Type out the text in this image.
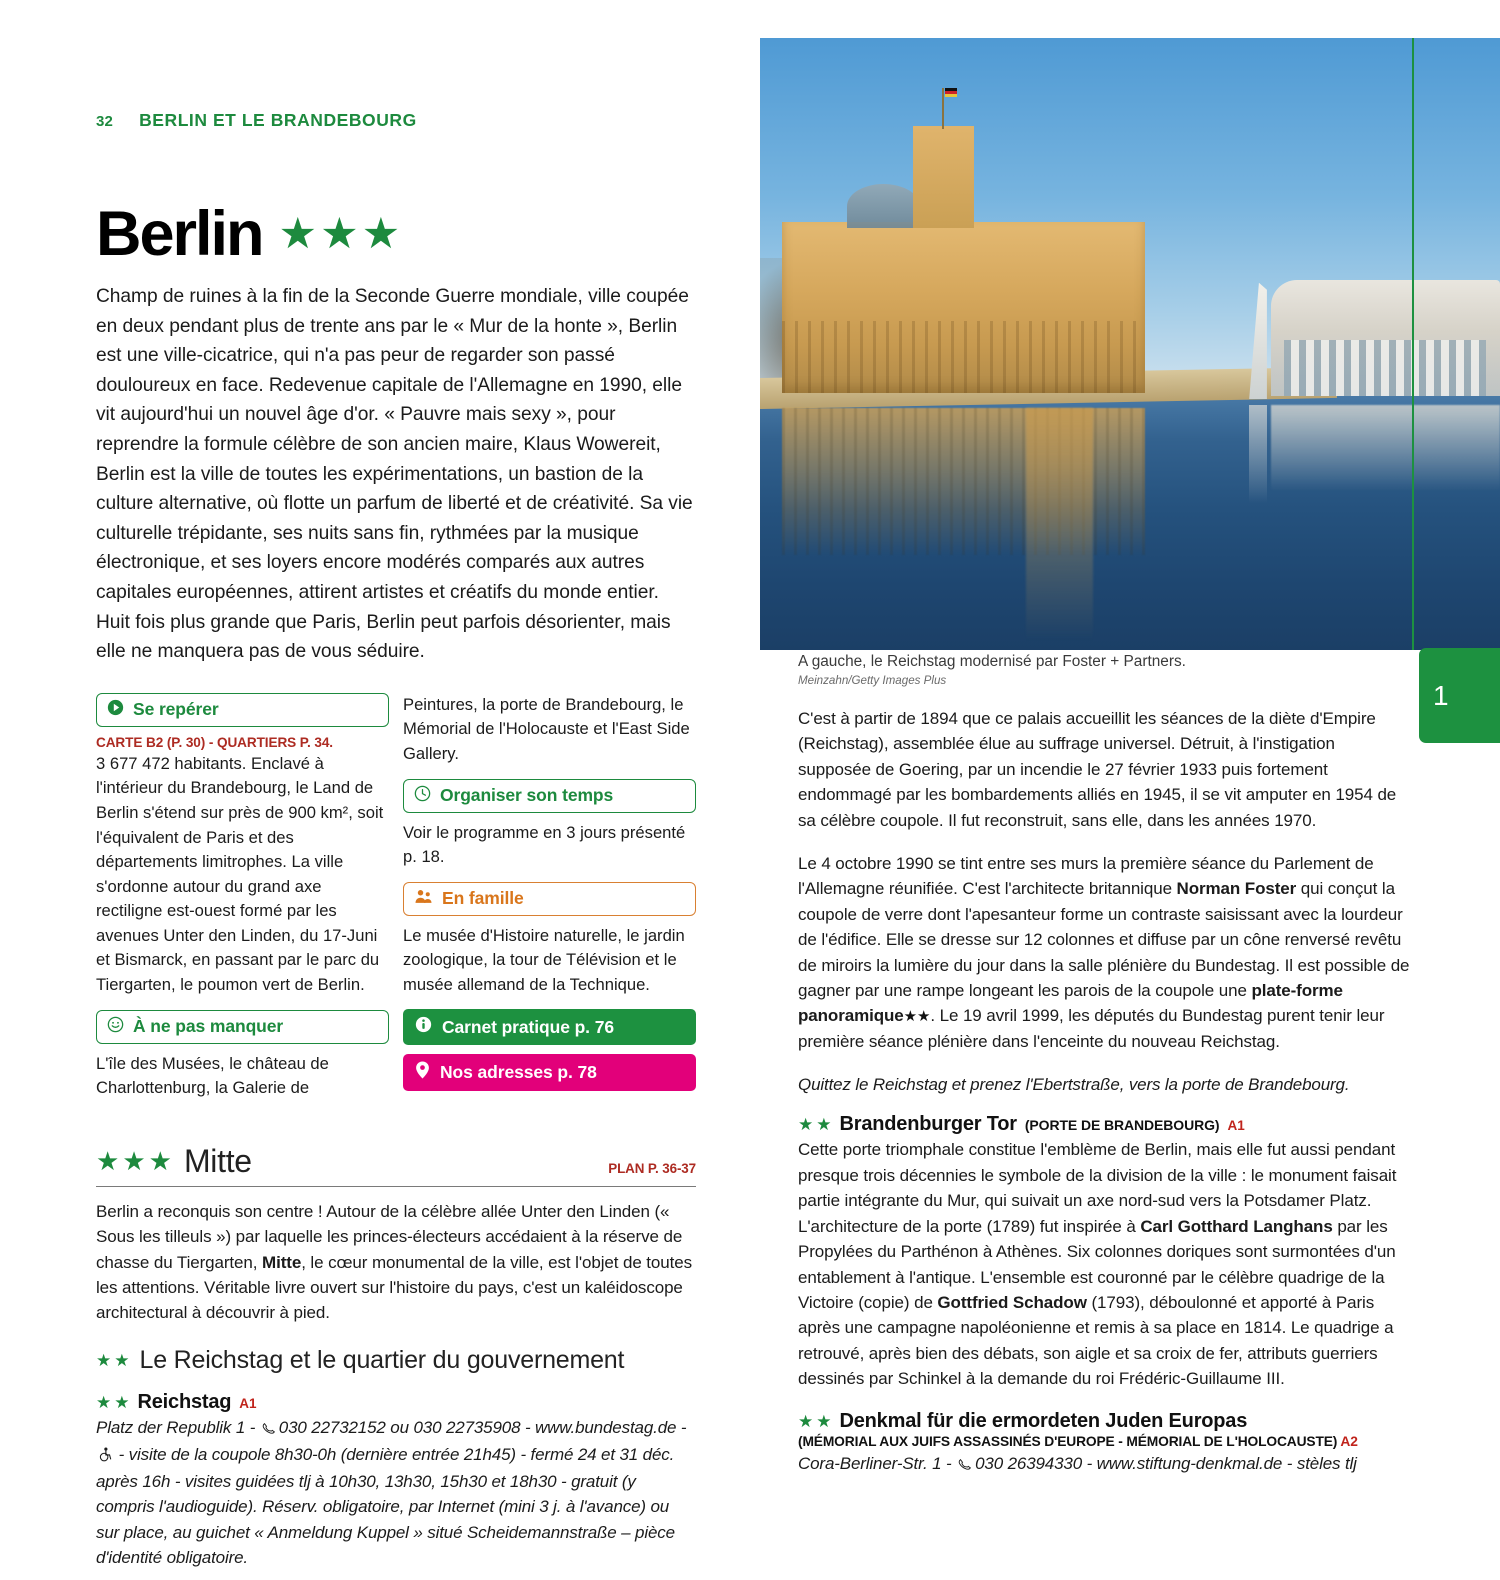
A gauche, le Reichstag modernisé par Foster + Partners.

Meinzahn/Getty Images Plus	1
32 BERLIN ET LE BRANDEBOURG
Berlin ★ ★ ★

Champ de ruines à la fin de la Seconde Guerre mondiale, ville coupée en deux pendant plus de trente ans par le « Mur de la honte », Berlin est une ville-cicatrice, qui n'a pas peur de regarder son passé douloureux en face. Redevenue capitale de l'Allemagne en 1990, elle vit aujourd'hui un nouvel âge d'or. « Pauvre mais sexy », pour reprendre la formule célèbre de son ancien maire, Klaus Wowereit, Berlin est la ville de toutes les expérimentations, un bastion de la culture alternative, où flotte un parfum de liberté et de créativité. Sa vie culturelle trépidante, ses nuits sans fin, rythmées par la musique électronique, et ses loyers encore modérés comparés aux autres capitales européennes, attirent artistes et créatifs du monde entier. Huit fois plus grande que Paris, Berlin peut parfois désorienter, mais elle ne manquera pas de vous séduire.

Se repérer

CARTE B2 (P. 30) - QUARTIERS P. 34.

3 677 472 habitants. Enclavé à l'intérieur du Brandebourg, le Land de Berlin s'étend sur près de 900 km², soit l'équivalent de Paris et des départements limitrophes. La ville s'ordonne autour du grand axe rectiligne est-ouest formé par les avenues Unter den Linden, du 17-Juni et Bismarck, en passant par le parc du Tiergarten, le poumon vert de Berlin.

À ne pas manquer

L'île des Musées, le château de Charlottenburg, la Galerie de

Peintures, la porte de Brandebourg, le Mémorial de l'Holocauste et l'East Side Gallery.

Organiser son temps

Voir le programme en 3 jours présenté p. 18.

En famille

Le musée d'Histoire naturelle, le jardin zoologique, la tour de Télévision et le musée allemand de la Technique.

Carnet pratique p. 76
Nos adresses p. 78
★ ★ ★ Mitte	PLAN P. 36-37

Berlin a reconquis son centre ! Autour de la célèbre allée Unter den Linden (« Sous les tilleuls ») par laquelle les princes-électeurs accédaient à la réserve de chasse du Tiergarten, Mitte, le cœur monumental de la ville, est l'objet de toutes les attentions. Véritable livre ouvert sur l'histoire du pays, c'est un kaléidoscope architectural à découvrir à pied.

★ ★ Le Reichstag et le quartier du gouvernement
★ ★ Reichstag A1

Platz der Republik 1 - 030 22732152 ou 030 22735908 - www.bundestag.de -  - visite de la coupole 8h30-0h (dernière entrée 21h45) - fermé 24 et 31 déc. après 16h - visites guidées tlj à 10h30, 13h30, 15h30 et 18h30 - gratuit (y compris l'audioguide). Réserv. obligatoire, par Internet (mini 3 j. à l'avance) ou sur place, au guichet « Anmeldung Kuppel » situé Scheidemannstraße – pièce d'identité obligatoire.

C'est à partir de 1894 que ce palais accueillit les séances de la diète d'Empire (Reichstag), assemblée élue au suffrage universel. Détruit, à l'instigation supposée de Goering, par un incendie le 27 février 1933 puis fortement endommagé par les bombardements alliés en 1945, il se vit amputer en 1954 de sa célèbre coupole. Il fut reconstruit, sans elle, dans les années 1970.

Le 4 octobre 1990 se tint entre ses murs la première séance du Parlement de l'Allemagne réunifiée. C'est l'architecte britannique Norman Foster qui conçut la coupole de verre dont l'apesanteur forme un contraste saisissant avec la lourdeur de l'édifice. Elle se dresse sur 12 colonnes et diffuse par un cône renversé revêtu de miroirs la lumière du jour dans la salle plénière du Bundestag. Il est possible de gagner par une rampe longeant les parois de la coupole une plate-forme panoramique★★. Le 19 avril 1999, les députés du Bundestag purent tenir leur première séance plénière dans l'enceinte du nouveau Reichstag.

Quittez le Reichstag et prenez l'Ebertstraße, vers la porte de Brandebourg.

★ ★ Brandenburger Tor (PORTE DE BRANDEBOURG) A1

Cette porte triomphale constitue l'emblème de Berlin, mais elle fut aussi pendant presque trois décennies le symbole de la division de la ville : le monument faisait partie intégrante du Mur, qui suivait un axe nord-sud vers la Potsdamer Platz. L'architecture de la porte (1789) fut inspirée à Carl Gotthard Langhans par les Propylées du Parthénon à Athènes. Six colonnes doriques sont surmontées d'un entablement à l'antique. L'ensemble est couronné par le célèbre quadrige de la Victoire (copie) de Gottfried Schadow (1793), déboulonné et apporté à Paris après une campagne napoléonienne et remis à sa place en 1814. Le quadrige a retrouvé, après bien des débats, son aigle et sa croix de fer, attributs guerriers dessinés par Schinkel à la demande du roi Frédéric-Guillaume III.

★ ★ Denkmal für die ermordeten Juden Europas

(MÉMORIAL AUX JUIFS ASSASSINÉS D'EUROPE - MÉMORIAL DE L'HOLOCAUSTE) A2

Cora-Berliner-Str. 1 - 030 26394330 - www.stiftung-denkmal.de - stèles tlj
